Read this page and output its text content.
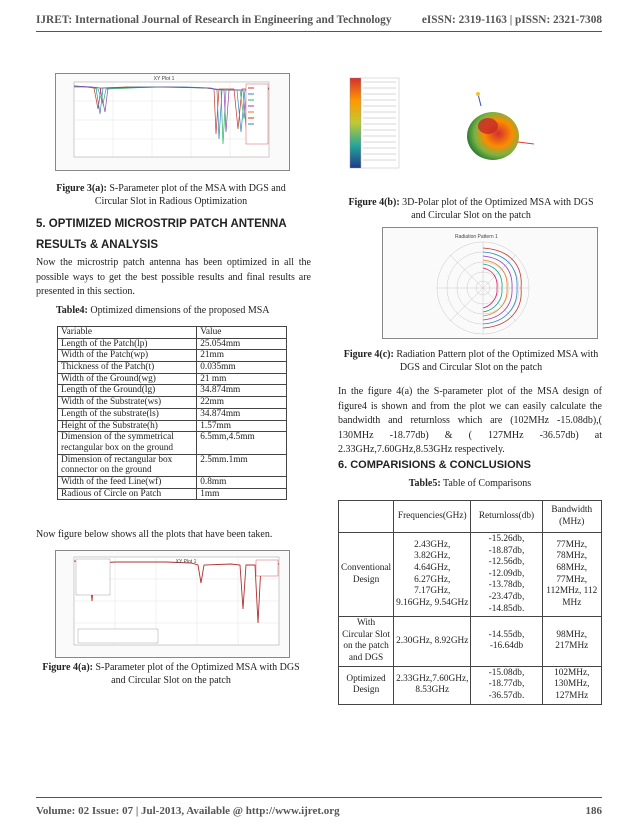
IJRET: International Journal of Research in Engineering and Technology	eISSN: 2319-1163 | pISSN: 2321-7308
XY Plot 1
Figure 3(a): S-Parameter plot of the MSA with DGS and Circular Slot in Radious Optimization
5. OPTIMIZED MICROSTRIP PATCH ANTENNA
RESULTs & ANALYSIS
Now the microstrip patch antenna has been optimized in all the possible ways to get the best possible results and final results are presented in this section.
Table4: Optimized dimensions of the proposed MSA
Variable	Value
Length of the Patch(lp)	25.054mm
Width of the Patch(wp)	21mm
Thickness of the Patch(t)	0.035mm
Width of the Ground(wg)	21 mm
Length of the Ground(lg)	34.874mm
Width of the Substrate(ws)	22mm
Length of the substrate(ls)	34.874mm
Height of the Substrate(h)	1.57mm
Dimension of the symmetrical rectangular box on the ground	6.5mm,4.5mm
Dimension of rectangular box connector on the ground	2.5mm.1mm
Width of the feed Line(wf)	0.8mm
Radious of Circle on Patch	1mm
Now figure below shows all the plots that have been taken.
XY Plot 1
Figure 4(a): S-Parameter plot of the Optimized MSA with DGS and Circular Slot on the patch
Figure 4(b): 3D-Polar plot of the Optimized MSA with DGS and Circular Slot on the patch
Radiation Pattern 1
Figure 4(c): Radiation Pattern plot of the Optimized MSA with DGS and Circular Slot on the patch
In the figure 4(a) the S-parameter plot of the MSA design of figure4 is shown and from the plot we can easily calculate the bandwidth and returnloss which are (102MHz -15.08db),( 130MHz -18.77db) & ( 127MHz -36.57db) at 2.33GHz,7.60GHz,8.53GHz respectively.
6. COMPARISIONS & CONCLUSIONS
Table5: Table of Comparisons
	Frequencies(GHz)	Returnloss(db)	Bandwidth (MHz)
Conventional Design	2.43GHz, 3.82GHz, 4.64GHz, 6.27GHz, 7.17GHz, 9.16GHz, 9.54GHz	-15.26db, -18.87db, -12.56db, -12.09db, -13.78db, -23.47db, -14.85db.	77MHz, 78MHz, 68MHz, 77MHz, 112MHz, 112 MHz
With Circular Slot on the patch and DGS	2.30GHz, 8.92GHz	-14.55db, -16.64db	98MHz, 217MHz
Optimized Design	2.33GHz,7.60GHz, 8.53GHz	-15.08db, -18.77db, -36.57db.	102MHz, 130MHz, 127MHz
Volume: 02 Issue: 07 | Jul-2013, Available @ http://www.ijret.org	186
